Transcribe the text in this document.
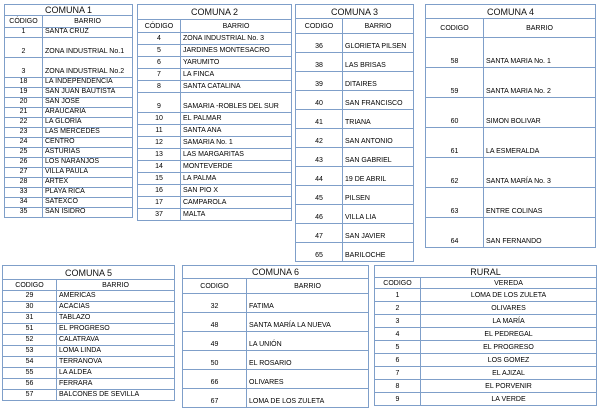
COMUNA 1
CÓDIGO	BARRIO
1	SANTA CRUZ
2	ZONA INDUSTRIAL No.1
3	ZONA INDUSTRIAL No.2
18	LA INDEPENDENCIA
19	SAN JUAN BAUTISTA
20	SAN JOSE
21	ARAUCARIA
22	LA GLORIA
23	LAS MERCEDES
24	CENTRO
25	ASTURIAS
26	LOS NARANJOS
27	VILLA PAULA
28	ARTEX
33	PLAYA RICA
34	SATEXCO
35	SAN ISIDRO
COMUNA 2
CÓDIGO	BARRIO
4	ZONA INDUSTRIAL No. 3
5	JARDINES MONTESACRO
6	YARUMITO
7	LA FINCA
8	SANTA CATALINA
9	SAMARIA -ROBLES DEL SUR
10	EL PALMAR
11	SANTA ANA
12	SAMARIA No. 1
13	LAS MARGARITAS
14	MONTEVERDE
15	LA PALMA
16	SAN PIO X
17	CAMPAROLA
37	MALTA
COMUNA 3
CODIGO	BARRIO
36	GLORIETA PILSEN
38	LAS BRISAS
39	DITAIRES
40	SAN FRANCISCO
41	TRIANA
42	SAN ANTONIO
43	SAN GABRIEL
44	19 DE ABRIL
45	PILSEN
46	VILLA LIA
47	SAN JAVIER
65	BARILOCHE
COMUNA 4
CODIGO	BARRIO
58	SANTA MARIA No. 1
59	SANTA MARIA No. 2
60	SIMON BOLIVAR
61	LA ESMERALDA
62	SANTA MARÍA No. 3
63	ENTRE COLINAS
64	SAN FERNANDO
COMUNA 5
CODIGO	BARRIO
29	AMERICAS
30	ACACIAS
31	TABLAZO
51	EL PROGRESO
52	CALATRAVA
53	LOMA LINDA
54	TERRANOVA
55	LA ALDEA
56	FERRARA
57	BALCONES DE SEVILLA
COMUNA 6
CODIGO	BARRIO
32	FATIMA
48	SANTA MARÍA LA NUEVA
49	LA UNIÓN
50	EL ROSARIO
66	OLIVARES
67	LOMA DE LOS ZULETA
RURAL
CODIGO	VEREDA
1	LOMA DE LOS ZULETA
2	OLIVARES
3	LA MARÍA
4	EL PEDREGAL
5	EL PROGRESO
6	LOS GOMEZ
7	EL AJIZAL
8	EL PORVENIR
9	LA VERDE
